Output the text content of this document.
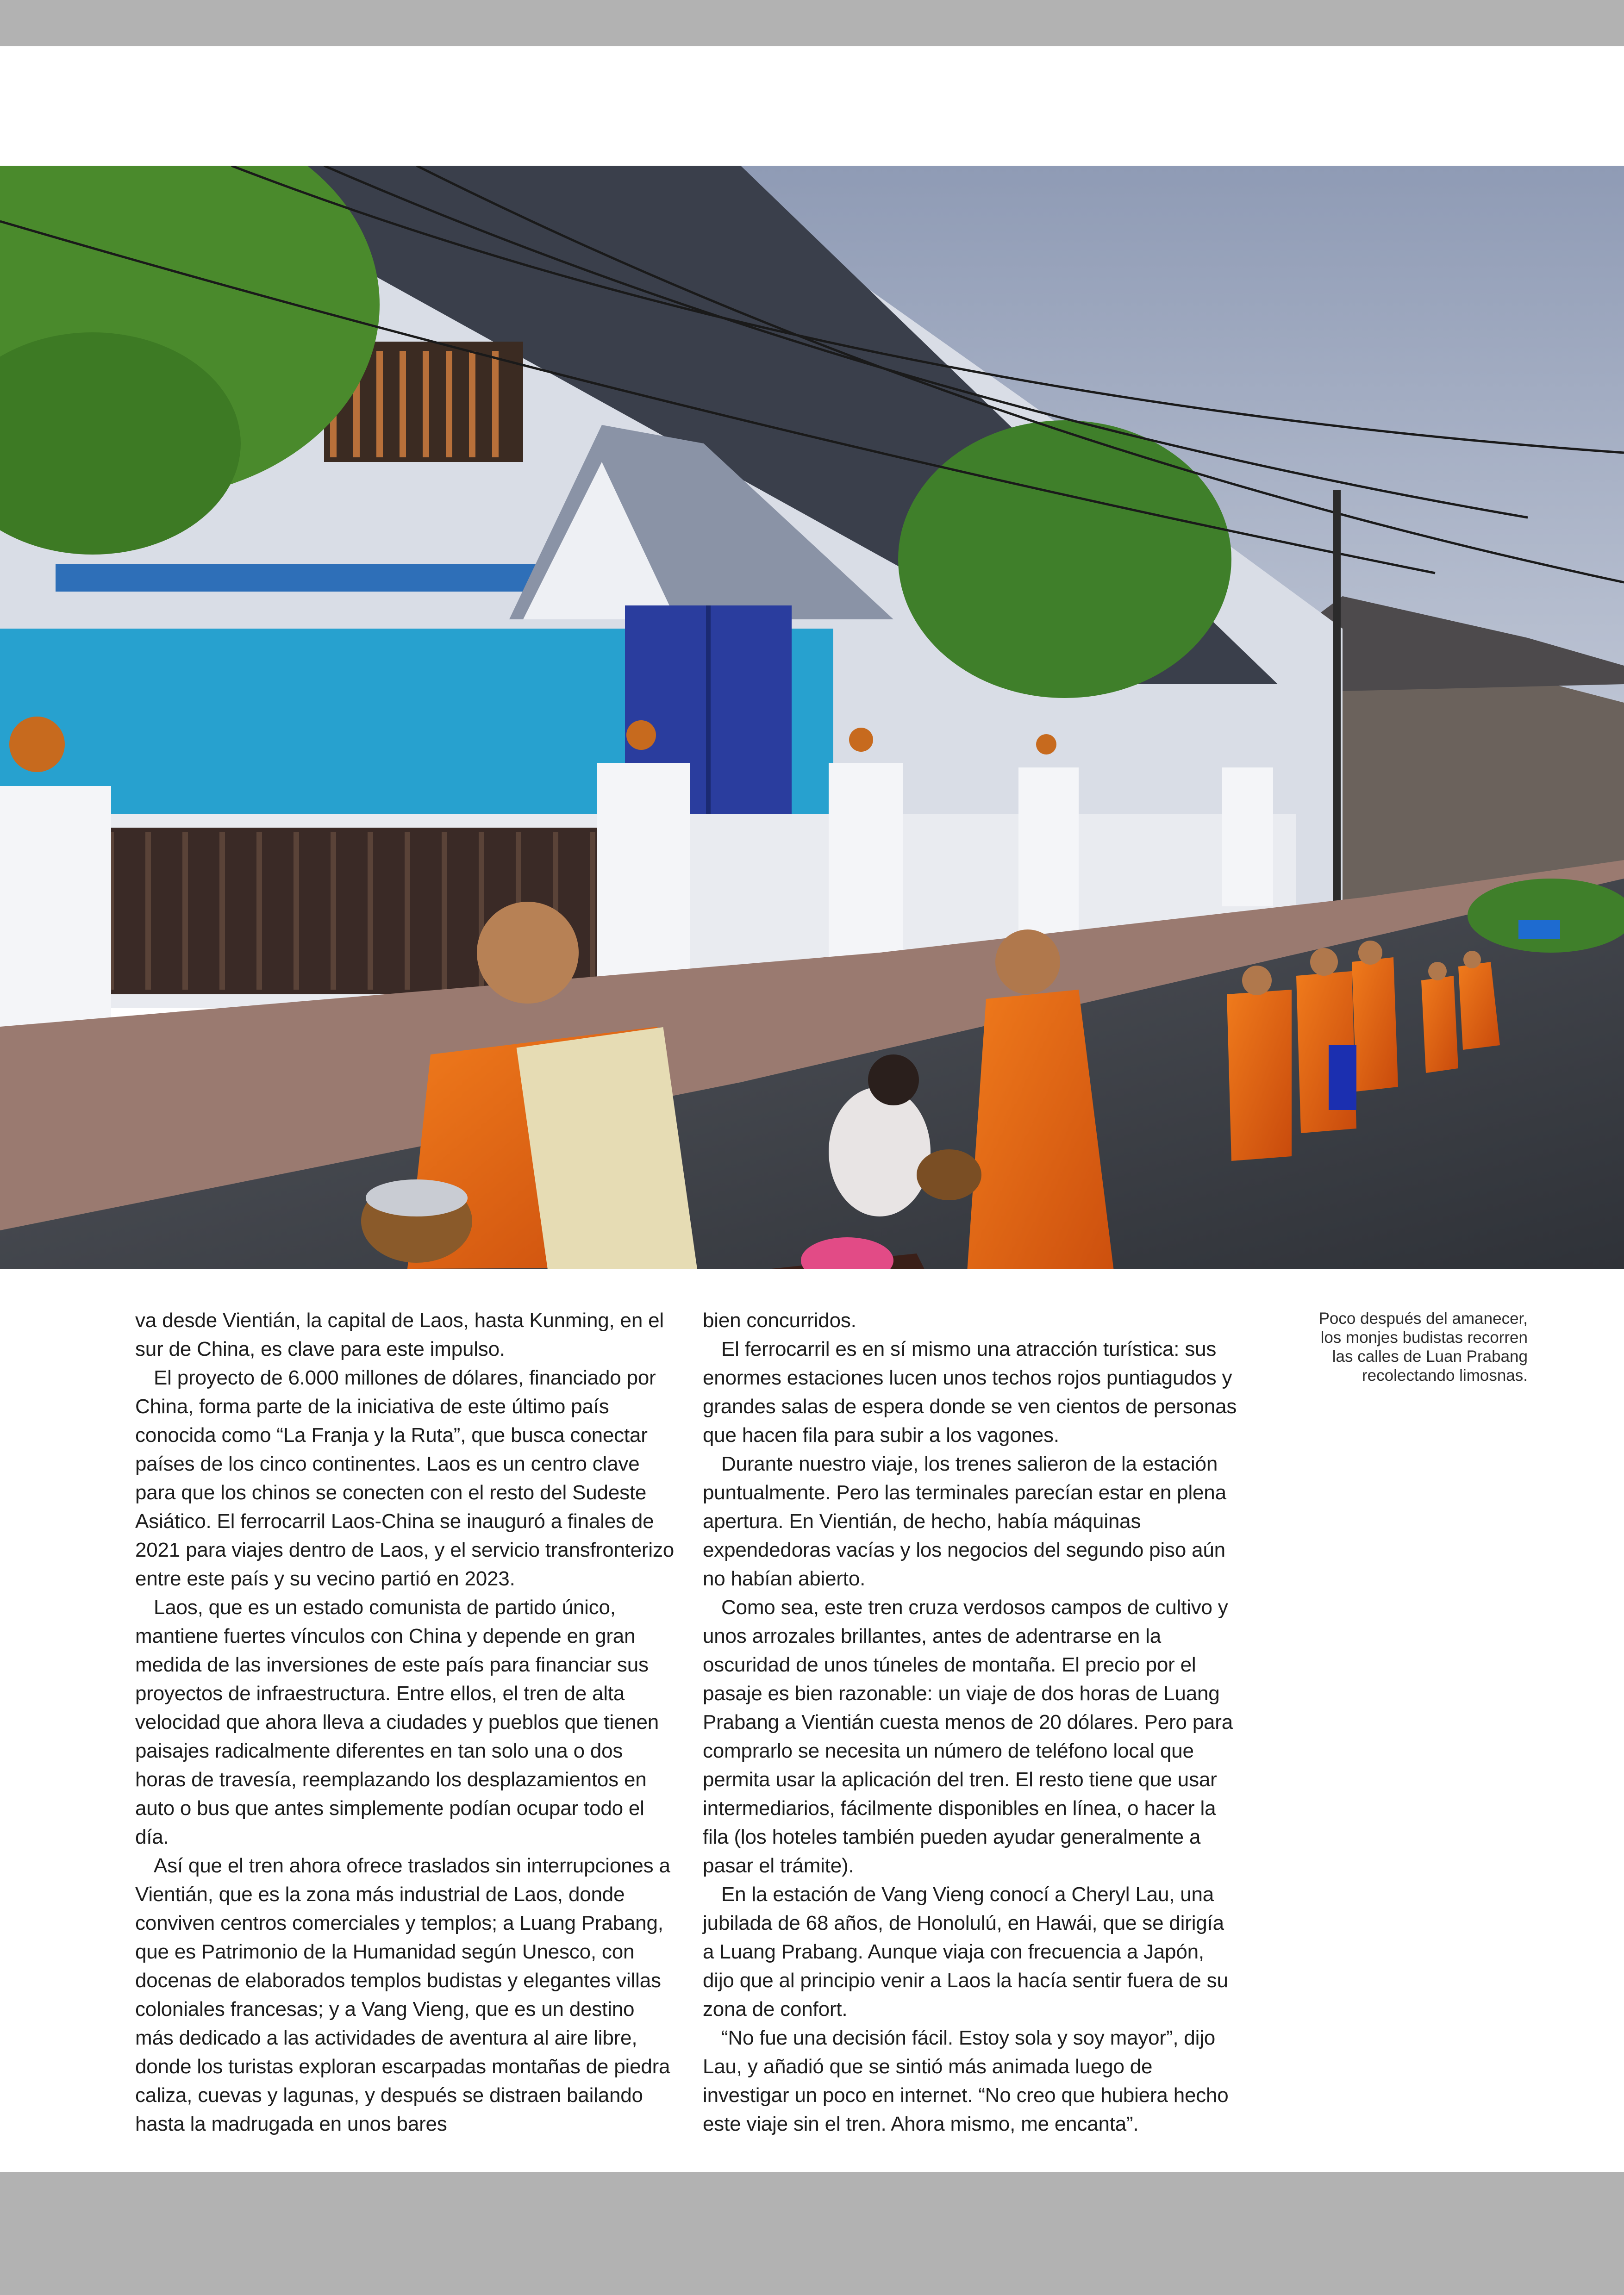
va desde Vientián, la capital de Laos, hasta Kunming, en el sur de China, es clave para este impulso.

El proyecto de 6.000 millones de dólares, financiado por China, forma parte de la iniciativa de este último país conocida como “La Franja y la Ruta”, que busca conectar países de los cinco continentes. Laos es un centro clave para que los chinos se conecten con el resto del Sudeste Asiático. El ferrocarril Laos-China se inauguró a finales de 2021 para viajes dentro de Laos, y el servicio transfronterizo entre este país y su vecino partió en 2023.

Laos, que es un estado comunista de partido único, mantiene fuertes vínculos con China y depende en gran medida de las inversiones de este país para financiar sus proyectos de infraestructura. Entre ellos, el tren de alta velocidad que ahora lleva a ciudades y pueblos que tienen paisajes radicalmente diferentes en tan solo una o dos horas de travesía, reemplazando los desplazamientos en auto o bus que antes simplemente podían ocupar todo el día.

Así que el tren ahora ofrece traslados sin interrupciones a Vientián, que es la zona más industrial de Laos, donde conviven centros comerciales y templos; a Luang Prabang, que es Patrimonio de la Humanidad según Unesco, con docenas de elaborados templos budistas y elegantes villas coloniales francesas; y a Vang Vieng, que es un destino más dedicado a las actividades de aventura al aire libre, donde los turistas exploran escarpadas montañas de piedra caliza, cuevas y lagunas, y después se distraen bailando hasta la madrugada en unos bares

bien concurridos.

El ferrocarril es en sí mismo una atracción turística: sus enormes estaciones lucen unos techos rojos puntiagudos y grandes salas de espera donde se ven cientos de personas que hacen fila para subir a los vagones.

Durante nuestro viaje, los trenes salieron de la estación puntualmente. Pero las terminales parecían estar en plena apertura. En Vientián, de hecho, había máquinas expendedoras vacías y los negocios del segundo piso aún no habían abierto.

Como sea, este tren cruza verdosos campos de cultivo y unos arrozales brillantes, antes de adentrarse en la oscuridad de unos túneles de montaña. El precio por el pasaje es bien razonable: un viaje de dos horas de Luang Prabang a Vientián cuesta menos de 20 dólares. Pero para comprarlo se necesita un número de teléfono local que permita usar la aplicación del tren. El resto tiene que usar intermediarios, fácilmente disponibles en línea, o hacer la fila (los hoteles también pueden ayudar generalmente a pasar el trámite).

En la estación de Vang Vieng conocí a Cheryl Lau, una jubilada de 68 años, de Honolulú, en Hawái, que se dirigía a Luang Prabang. Aunque viaja con frecuencia a Japón, dijo que al principio venir a Laos la hacía sentir fuera de su zona de confort.

“No fue una decisión fácil. Estoy sola y soy mayor”, dijo Lau, y añadió que se sintió más animada luego de investigar un poco en internet. “No creo que hubiera hecho este viaje sin el tren. Ahora mismo, me encanta”.

Poco después del amanecer, los monjes budistas recorren las calles de Luan Prabang recolectando limosnas.
